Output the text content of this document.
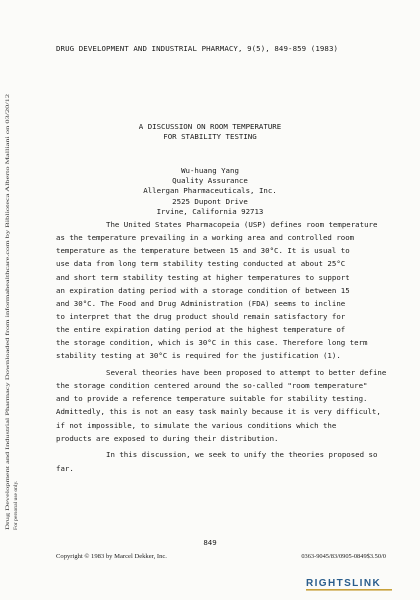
DRUG DEVELOPMENT AND INDUSTRIAL PHARMACY, 9(5), 849-859 (1983)
A DISCUSSION ON ROOM TEMPERATURE
FOR STABILITY TESTING
Wu-huang Yang
Quality Assurance
Allergan Pharmaceuticals, Inc.
2525 Dupont Drive
Irvine, California 92713
The United States Pharmacopeia (USP) defines room temperature
as the temperature prevailing in a working area and controlled room
temperature as the temperature between 15 and 30°C. It is usual to
use data from long term stability testing conducted at about 25°C
and short term stability testing at higher temperatures to support
an expiration dating period with a storage condition of between 15
and 30°C. The Food and Drug Administration (FDA) seems to incline
to interpret that the drug product should remain satisfactory for
the entire expiration dating period at the highest temperature of
the storage condition, which is 30°C in this case. Therefore long term
stability testing at 30°C is required for the justification (1).
Several theories have been proposed to attempt to better define
the storage condition centered around the so-called "room temperature"
and to provide a reference temperature suitable for stability testing.
Admittedly, this is not an easy task mainly because it is very difficult,
if not impossible, to simulate the various conditions which the
products are exposed to during their distribution.
In this discussion, we seek to unify the theories proposed so
far.
849
Copyright © 1983 by Marcel Dekker, Inc.	0363-9045/83/0905-0849$3.50/0
Drug Development and Industrial Pharmacy Downloaded from informahealthcare.com by Biblioteca Alberto Malliani on 03/20/12 For personal use only.
RIGHTSLINK
